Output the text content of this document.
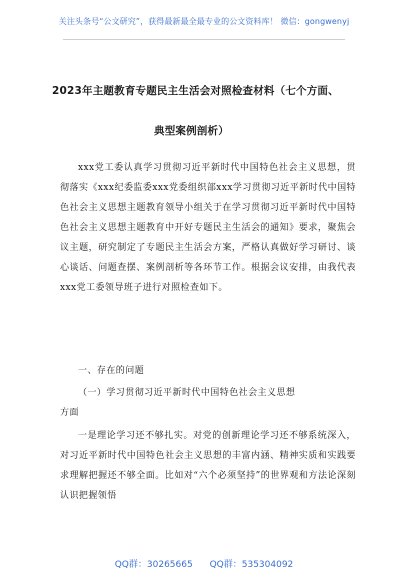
关注头条号“公文研究”，获得最新最全最专业的公文资料库！ 微信：gongwenyj
2023年主题教育专题民主生活会对照检查材料（七个方面、
典型案例剖析）
xxx党工委认真学习贯彻习近平新时代中国特色社会主义思想，贯彻落实《xxx纪委监委xxx党委组织部xxx学习贯彻习近平新时代中国特色社会主义思想主题教育领导小组关于在学习贯彻习近平新时代中国特色社会主义思想主题教育中开好专题民主生活会的通知》要求，聚焦会议主题，研究制定了专题民主生活会方案，严格认真做好学习研讨、谈心谈话、问题查摆、案例剖析等各环节工作。根据会议安排，由我代表xxx党工委领导班子进行对照检查如下。
一、存在的问题
（一）学习贯彻习近平新时代中国特色社会主义思想
方面
一是理论学习还不够扎实。对党的创新理论学习还不够系统深入，对习近平新时代中国特色社会主义思想的丰富内涵、精神实质和实践要求理解把握还不够全面。比如对“六个必须坚持”的世界观和方法论深刻认识把握领悟
QQ群：30265665 QQ群：535304092
